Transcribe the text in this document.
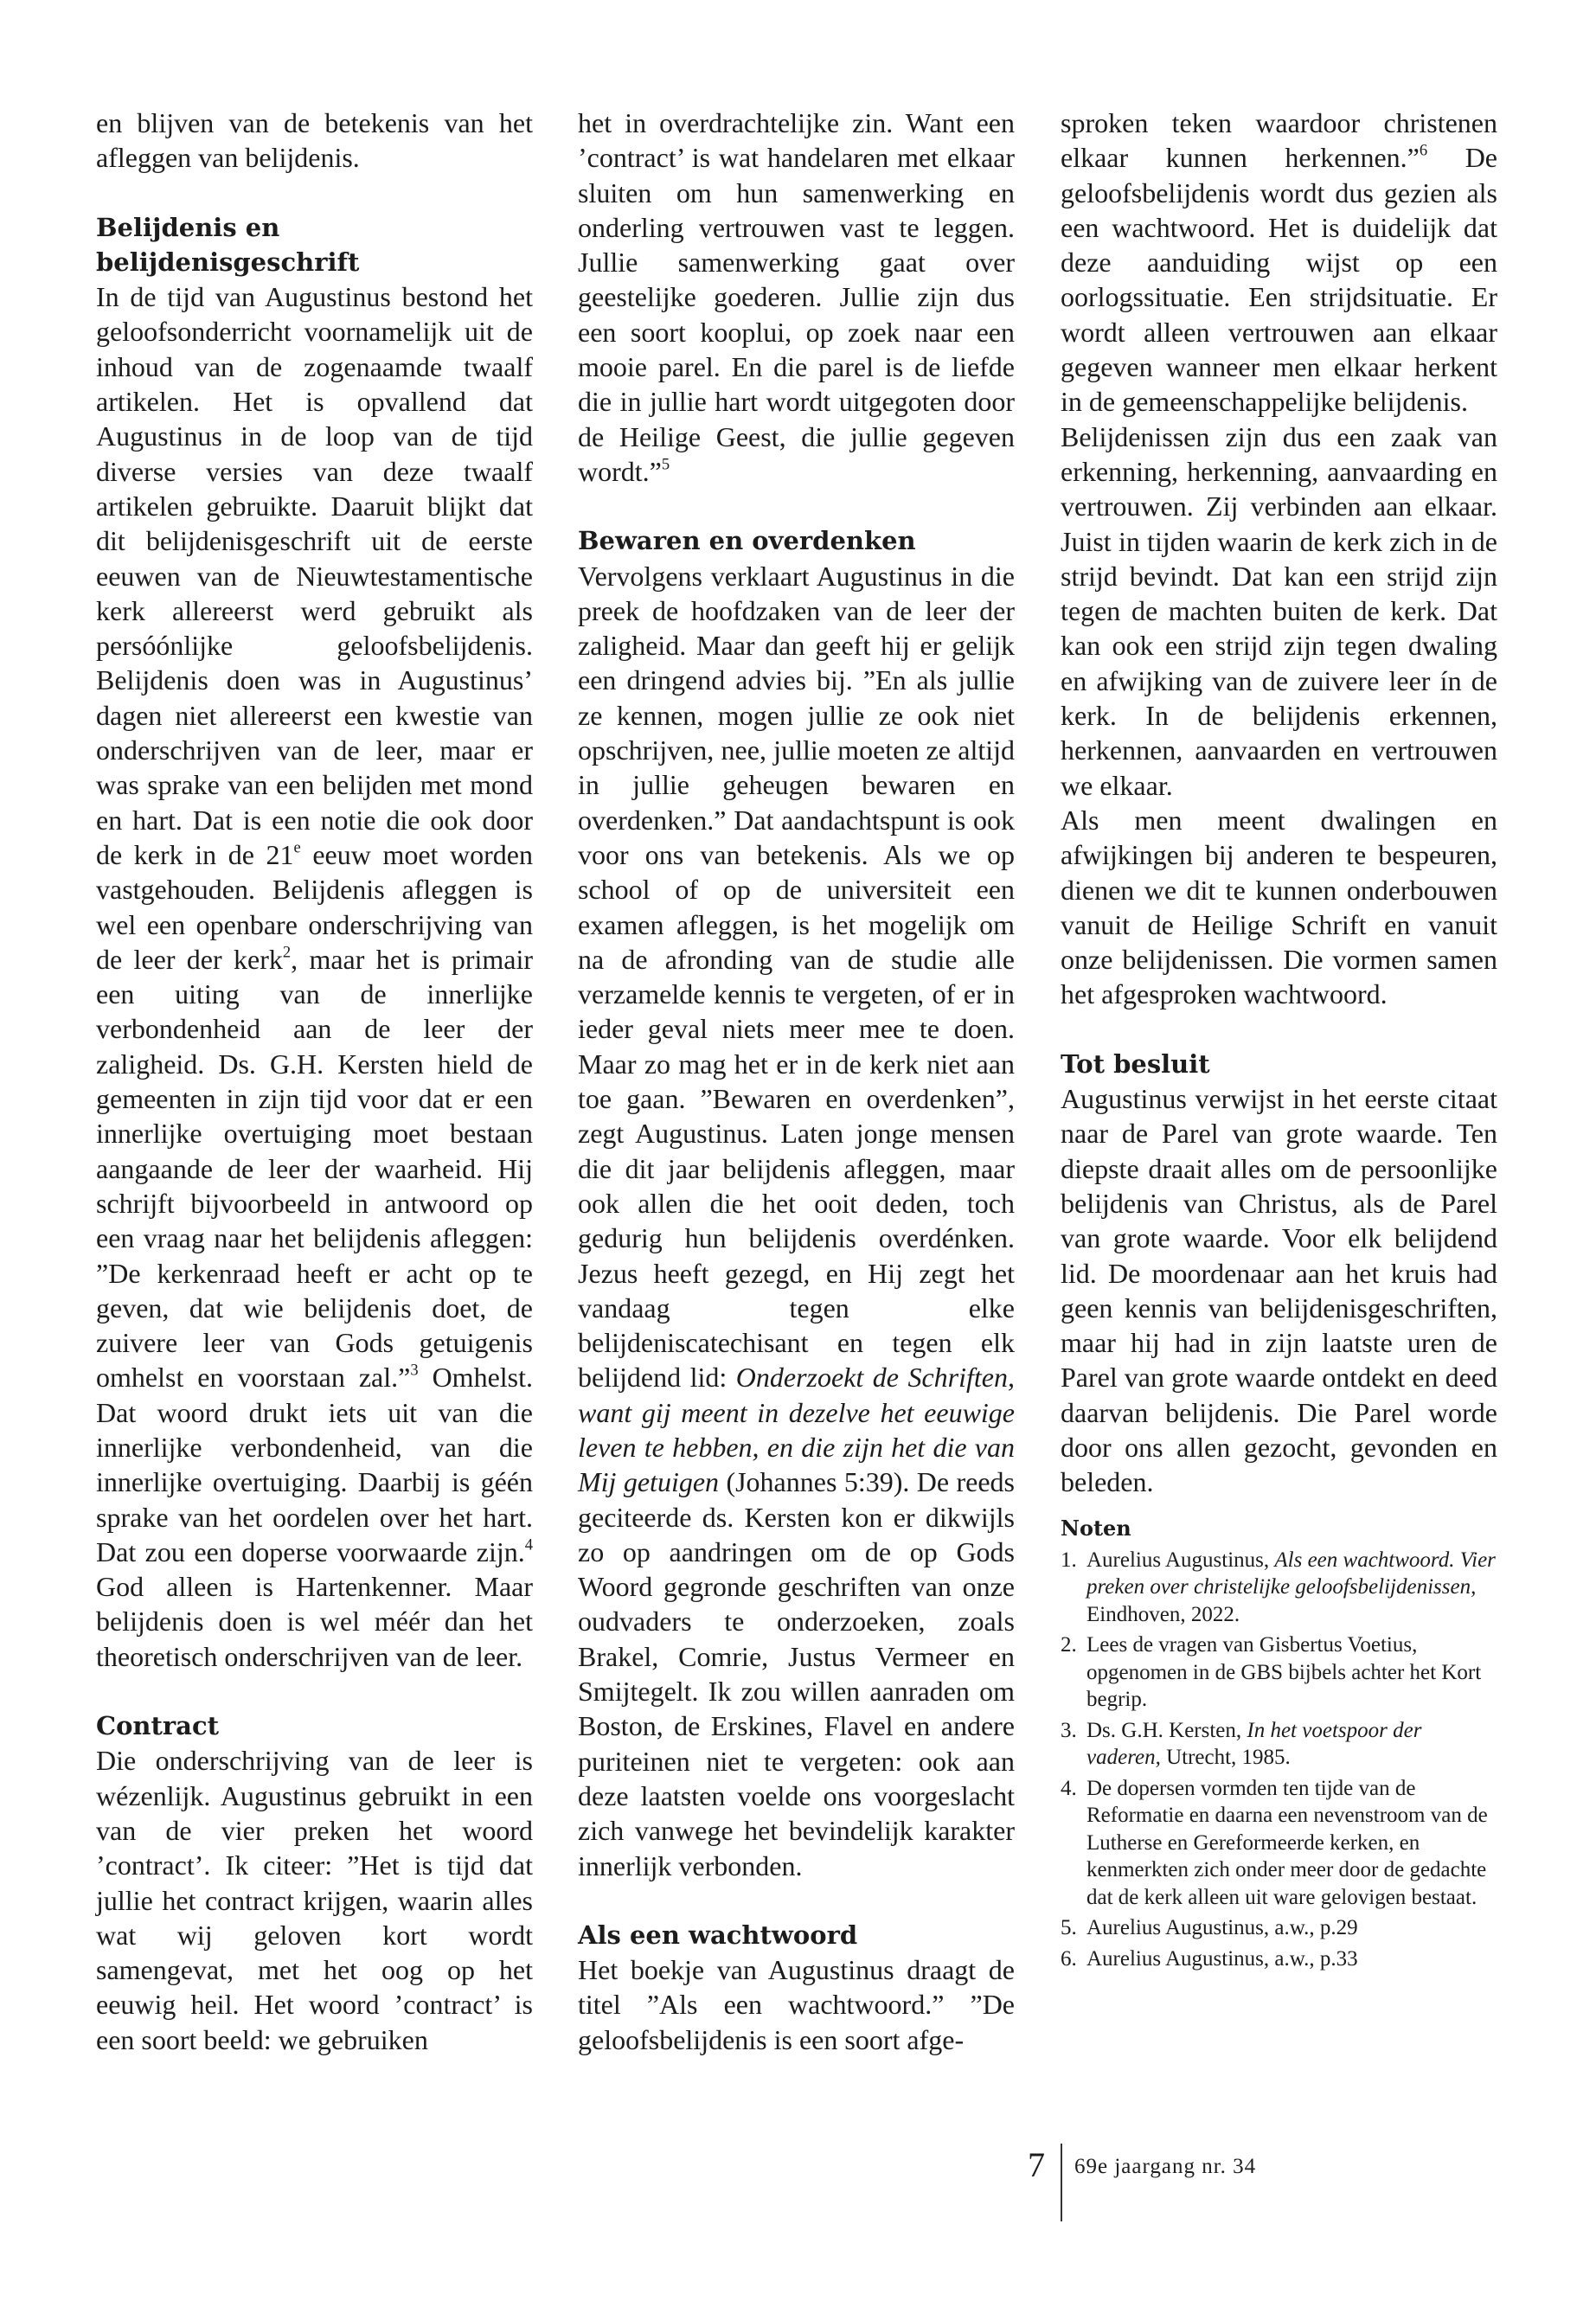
en blijven van de betekenis van het afleggen van belijdenis.

Belijdenis en belijdenisgeschrift

In de tijd van Augustinus bestond het geloofsonderricht voornamelijk uit de inhoud van de zogenaamde twaalf artikelen. Het is opvallend dat Augustinus in de loop van de tijd diverse versies van deze twaalf artikelen gebruikte. Daaruit blijkt dat dit belijdenisgeschrift uit de eerste eeuwen van de Nieuwtestamentische kerk allereerst werd gebruikt als persóónlijke geloofsbelijdenis. Belijdenis doen was in Augustinus’ dagen niet allereerst een kwestie van onderschrijven van de leer, maar er was sprake van een belijden met mond en hart. Dat is een notie die ook door de kerk in de 21e eeuw moet worden vastgehouden. Belijdenis afleggen is wel een openbare onderschrijving van de leer der kerk$^2$, maar het is primair een uiting van de innerlijke verbondenheid aan de leer der zaligheid. Ds. G.H. Kersten hield de gemeenten in zijn tijd voor dat er een innerlijke overtuiging moet bestaan aangaande de leer der waarheid. Hij schrijft bijvoorbeeld in antwoord op een vraag naar het belijdenis afleggen: ”De kerkenraad heeft er acht op te geven, dat wie belijdenis doet, de zuivere leer van Gods getuigenis omhelst en voorstaan zal.”$^3$ Omhelst. Dat woord drukt iets uit van die innerlijke verbondenheid, van die innerlijke overtuiging. Daarbij is géén sprake van het oordelen over het hart. Dat zou een doperse voorwaarde zijn.$^4$ God alleen is Hartenkenner. Maar belijdenis doen is wel méér dan het theoretisch onderschrijven van de leer.

Contract

Die onderschrijving van de leer is wézenlijk. Augustinus gebruikt in een van de vier preken het woord ’contract’. Ik citeer: ”Het is tijd dat jullie het contract krijgen, waarin alles wat wij geloven kort wordt samengevat, met het oog op het eeuwig heil. Het woord ’contract’ is een soort beeld: we gebruiken

het in overdrachtelijke zin. Want een ’contract’ is wat handelaren met elkaar sluiten om hun samenwerking en onderling vertrouwen vast te leggen. Jullie samenwerking gaat over geestelijke goederen. Jullie zijn dus een soort kooplui, op zoek naar een mooie parel. En die parel is de liefde die in jullie hart wordt uitgegoten door de Heilige Geest, die jullie gegeven wordt.”$^5$

Bewaren en overdenken

Vervolgens verklaart Augustinus in die preek de hoofdzaken van de leer der zaligheid. Maar dan geeft hij er gelijk een dringend advies bij. ”En als jullie ze kennen, mogen jullie ze ook niet opschrijven, nee, jullie moeten ze altijd in jullie geheugen bewaren en overdenken.” Dat aandachtspunt is ook voor ons van betekenis. Als we op school of op de universiteit een examen afleggen, is het mogelijk om na de afronding van de studie alle verzamelde kennis te vergeten, of er in ieder geval niets meer mee te doen. Maar zo mag het er in de kerk niet aan toe gaan. ”Bewaren en overdenken”, zegt Augustinus. Laten jonge mensen die dit jaar belijdenis afleggen, maar ook allen die het ooit deden, toch gedurig hun belijdenis overdénken. Jezus heeft gezegd, en Hij zegt het vandaag tegen elke belijdeniscatechisant en tegen elk belijdend lid: Onderzoekt de Schriften, want gij meent in dezelve het eeuwige leven te hebben, en die zijn het die van Mij getuigen (Johannes 5:39). De reeds geciteerde ds. Kersten kon er dikwijls zo op aandringen om de op Gods Woord gegronde geschriften van onze oudvaders te onderzoeken, zoals Brakel, Comrie, Justus Vermeer en Smijtegelt. Ik zou willen aanraden om Boston, de Erskines, Flavel en andere puriteinen niet te vergeten: ook aan deze laatsten voelde ons voorgeslacht zich vanwege het bevindelijk karakter innerlijk verbonden.

Als een wachtwoord

Het boekje van Augustinus draagt de titel ”Als een wachtwoord.” ”De geloofsbelijdenis is een soort afge-

sproken teken waardoor christenen elkaar kunnen herkennen.”$^6$ De geloofsbelijdenis wordt dus gezien als een wachtwoord. Het is duidelijk dat deze aanduiding wijst op een oorlogssituatie. Een strijdsituatie. Er wordt alleen vertrouwen aan elkaar gegeven wanneer men elkaar herkent in de gemeenschappelijke belijdenis.

Belijdenissen zijn dus een zaak van erkenning, herkenning, aanvaarding en vertrouwen. Zij verbinden aan elkaar. Juist in tijden waarin de kerk zich in de strijd bevindt. Dat kan een strijd zijn tegen de machten buiten de kerk. Dat kan ook een strijd zijn tegen dwaling en afwijking van de zuivere leer ín de kerk. In de belijdenis erkennen, herkennen, aanvaarden en vertrouwen we elkaar.

Als men meent dwalingen en afwijkingen bij anderen te bespeuren, dienen we dit te kunnen onderbouwen vanuit de Heilige Schrift en vanuit onze belijdenissen. Die vormen samen het afgesproken wachtwoord.

Tot besluit

Augustinus verwijst in het eerste citaat naar de Parel van grote waarde. Ten diepste draait alles om de persoonlijke belijdenis van Christus, als de Parel van grote waarde. Voor elk belijdend lid. De moordenaar aan het kruis had geen kennis van belijdenisgeschriften, maar hij had in zijn laatste uren de Parel van grote waarde ontdekt en deed daarvan belijdenis. Die Parel worde door ons allen gezocht, gevonden en beleden.

Noten
1. Aurelius Augustinus, Als een wachtwoord. Vier preken over christelijke geloofsbelijdenissen, Eindhoven, 2022.
2. Lees de vragen van Gisbertus Voetius, opgenomen in de GBS bijbels achter het Kort begrip.
3. Ds. G.H. Kersten, In het voetspoor der vaderen, Utrecht, 1985.
4. De dopersen vormden ten tijde van de Reformatie en daarna een nevenstroom van de Lutherse en Gereformeerde kerken, en kenmerkten zich onder meer door de gedachte dat de kerk alleen uit ware gelovigen bestaat.
5. Aurelius Augustinus, a.w., p.29
6. Aurelius Augustinus, a.w., p.33
7 69e jaargang nr. 34
